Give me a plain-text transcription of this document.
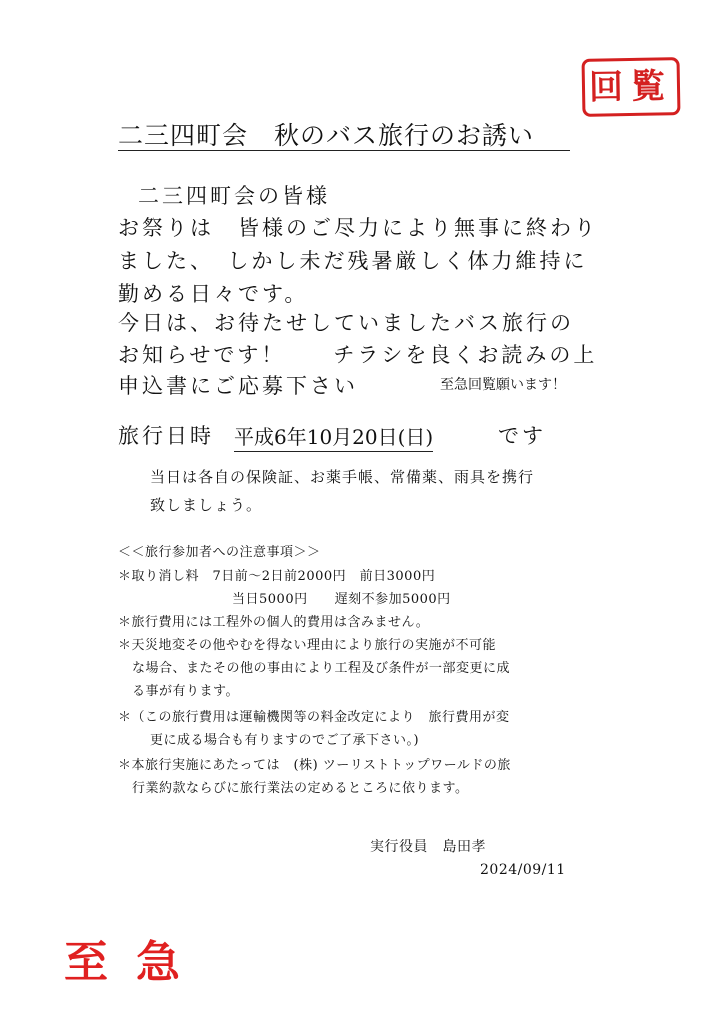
回覧
二三四町会　秋のバス旅行のお誘い
二三四町会の皆様
お祭りは　皆様のご尽力により無事に終わり
ました、　しかし未だ残暑厳しく体力維持に
勤める日々です。
今日は、お待たせしていましたバス旅行の
お知らせです！　　チラシを良くお読みの上
申込書にご応募下さい	至急回覧願います！
旅行日時 平成6年10月20日(日)	です
当日は各自の保険証、お薬手帳、常備薬、雨具を携行
致しましょう。
＜＜旅行参加者への注意事項＞＞
＊取り消し料　7日前〜2日前2000円　前日3000円
当日5000円　　遅刻不参加5000円
＊旅行費用には工程外の個人的費用は含みません。
＊天災地変その他やむを得ない理由により旅行の実施が不可能
な場合、またその他の事由により工程及び条件が一部変更に成
る事が有ります。
＊（この旅行費用は運輸機関等の料金改定により　旅行費用が変
更に成る場合も有りますのでご了承下さい。)
＊本旅行実施にあたっては　(株) ツーリストトップワールドの旅
行業約款ならびに旅行業法の定めるところに依ります。
実行役員　島田孝
2024/09/11
至急
